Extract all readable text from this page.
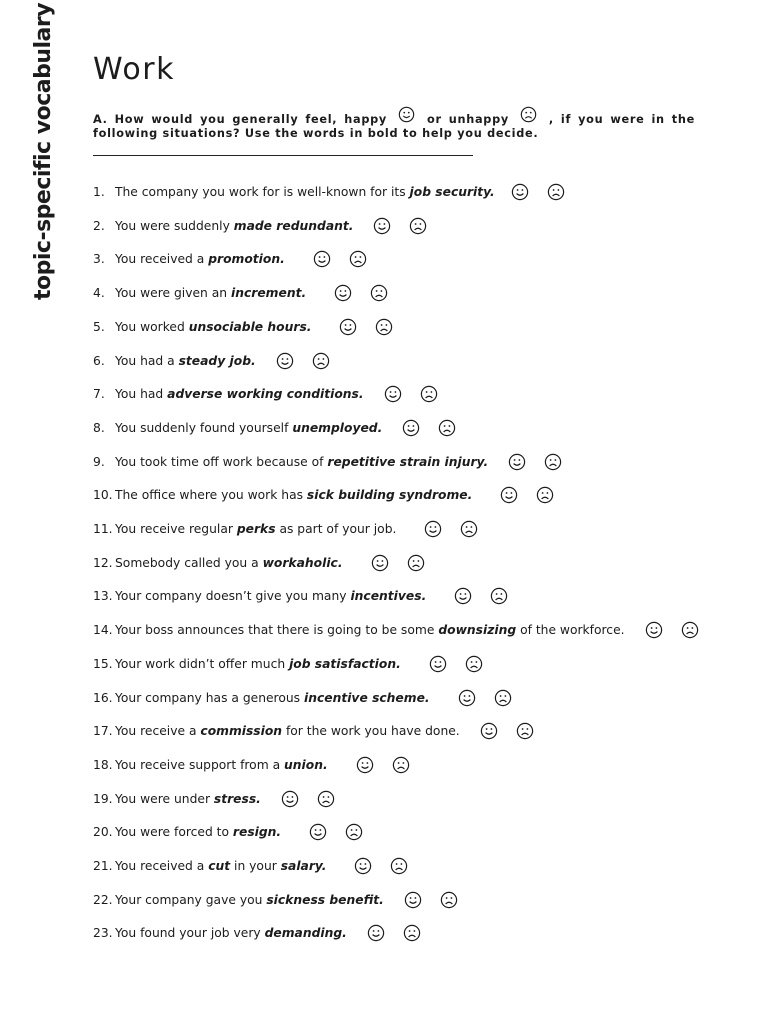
topic-specific vocabulary Work
A. How would you generally feel, happy	or unhappy	, if you were in the following situations? Use the words in bold to help you decide.
1. The company you work for is well-known for its job security.
2. You were suddenly made redundant.
3. You received a promotion.
4. You were given an increment.
5. You worked unsociable hours.
6. You had a steady job.
7. You had adverse working conditions.
8. You suddenly found yourself unemployed.
9. You took time off work because of repetitive strain injury.
10. The office where you work has sick building syndrome.
11. You receive regular perks as part of your job.
12. Somebody called you a workaholic.
13. Your company doesn’t give you many incentives.
14. Your boss announces that there is going to be some downsizing of the workforce.
15. Your work didn’t offer much job satisfaction.
16. Your company has a generous incentive scheme.
17. You receive a commission for the work you have done.
18. You receive support from a union.
19. You were under stress.
20. You were forced to resign.
21. You received a cut in your salary.
22. Your company gave you sickness benefit.
23. You found your job very demanding.
